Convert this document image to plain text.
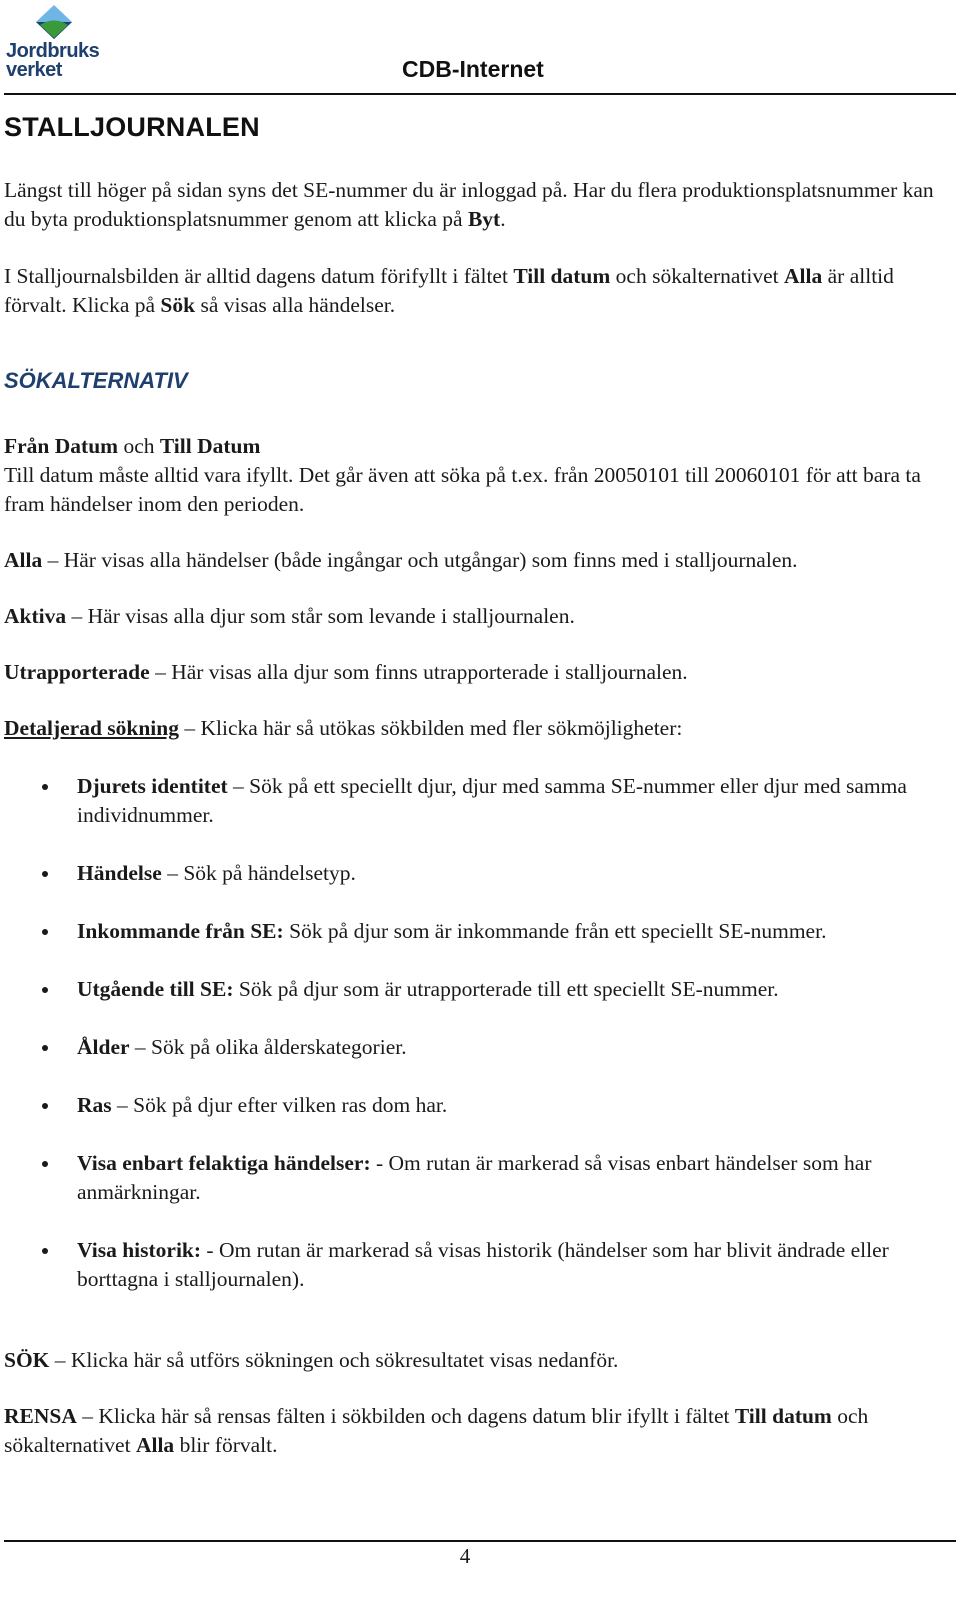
Jordbruks
verket	CDB-Internet
STALLJOURNALEN

Längst till höger på sidan syns det SE-nummer du är inloggad på. Har du flera produktionsplatsnummer kan du byta produktionsplatsnummer genom att klicka på Byt.

I Stalljournalsbilden är alltid dagens datum förifyllt i fältet Till datum och sökalternativet Alla är alltid förvalt. Klicka på Sök så visas alla händelser.

SÖKALTERNATIV

Från Datum och Till Datum
Till datum måste alltid vara ifyllt. Det går även att söka på t.ex. från 20050101 till 20060101 för att bara ta fram händelser inom den perioden.

Alla – Här visas alla händelser (både ingångar och utgångar) som finns med i stalljournalen.

Aktiva – Här visas alla djur som står som levande i stalljournalen.

Utrapporterade – Här visas alla djur som finns utrapporterade i stalljournalen.

Detaljerad sökning – Klicka här så utökas sökbilden med fler sökmöjligheter:

Djurets identitet – Sök på ett speciellt djur, djur med samma SE-nummer eller djur med samma individnummer.
Händelse – Sök på händelsetyp.
Inkommande från SE: Sök på djur som är inkommande från ett speciellt SE-nummer.
Utgående till SE: Sök på djur som är utrapporterade till ett speciellt SE-nummer.
Ålder – Sök på olika ålderskategorier.
Ras – Sök på djur efter vilken ras dom har.
Visa enbart felaktiga händelser: - Om rutan är markerad så visas enbart händelser som har anmärkningar.
Visa historik: - Om rutan är markerad så visas historik (händelser som har blivit ändrade eller borttagna i stalljournalen).

SÖK – Klicka här så utförs sökningen och sökresultatet visas nedanför.

RENSA – Klicka här så rensas fälten i sökbilden och dagens datum blir ifyllt i fältet Till datum och sökalternativet Alla blir förvalt.

4
